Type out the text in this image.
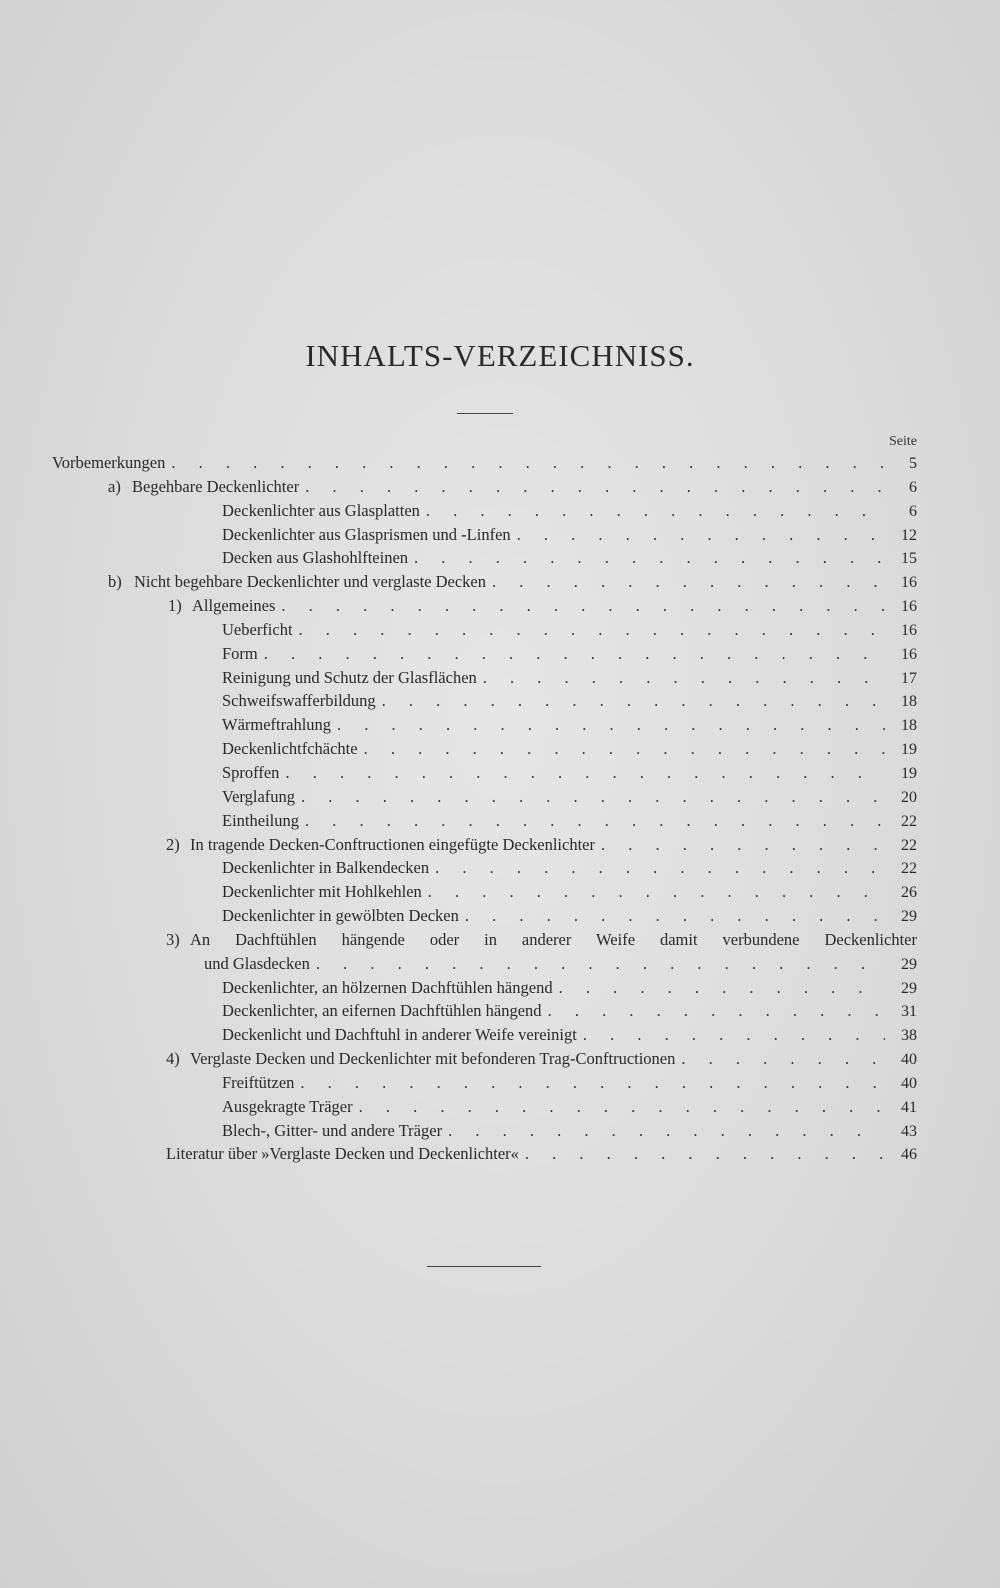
INHALTS-VERZEICHNISS.
Seite
Vorbemerkungen . . .	5
a) Begehbare Deckenlichter . . .	6
Deckenlichter aus Glasplatten . . .	6
Deckenlichter aus Glasprismen und -Linfen . . .	12
Decken aus Glashohlfteinen . . .	15
b) Nicht begehbare Deckenlichter und verglaste Decken . . .	16
1) Allgemeines . . .	16
Ueberficht . . .	16
Form . . .	16
Reinigung und Schutz der Glasflächen . . .	17
Schweifswafferbildung . . .	18
Wärmeftrahlung . . .	18
Deckenlichtfchächte . . .	19
Sproffen . . .	19
Verglafung . . .	20
Eintheilung . . .	22
2) In tragende Decken-Conftructionen eingefügte Deckenlichter . . .	22
Deckenlichter in Balkendecken . . .	22
Deckenlichter mit Hohlkehlen . . .	26
Deckenlichter in gewölbten Decken . . .	29
3) An Dachftühlen hängende oder in anderer Weife damit verbundene Deckenlichter
und Glasdecken . . .	29
Deckenlichter, an hölzernen Dachftühlen hängend . . .	29
Deckenlichter, an eifernen Dachftühlen hängend . . .	31
Deckenlicht und Dachftuhl in anderer Weife vereinigt . . .	38
4) Verglaste Decken und Deckenlichter mit befonderen Trag-Conftructionen . . .	40
Freiftützen . . .	40
Ausgekragte Träger . . .	41
Blech-, Gitter- und andere Träger . . .	43
Literatur über »Verglaste Decken und Deckenlichter« . . .	46
